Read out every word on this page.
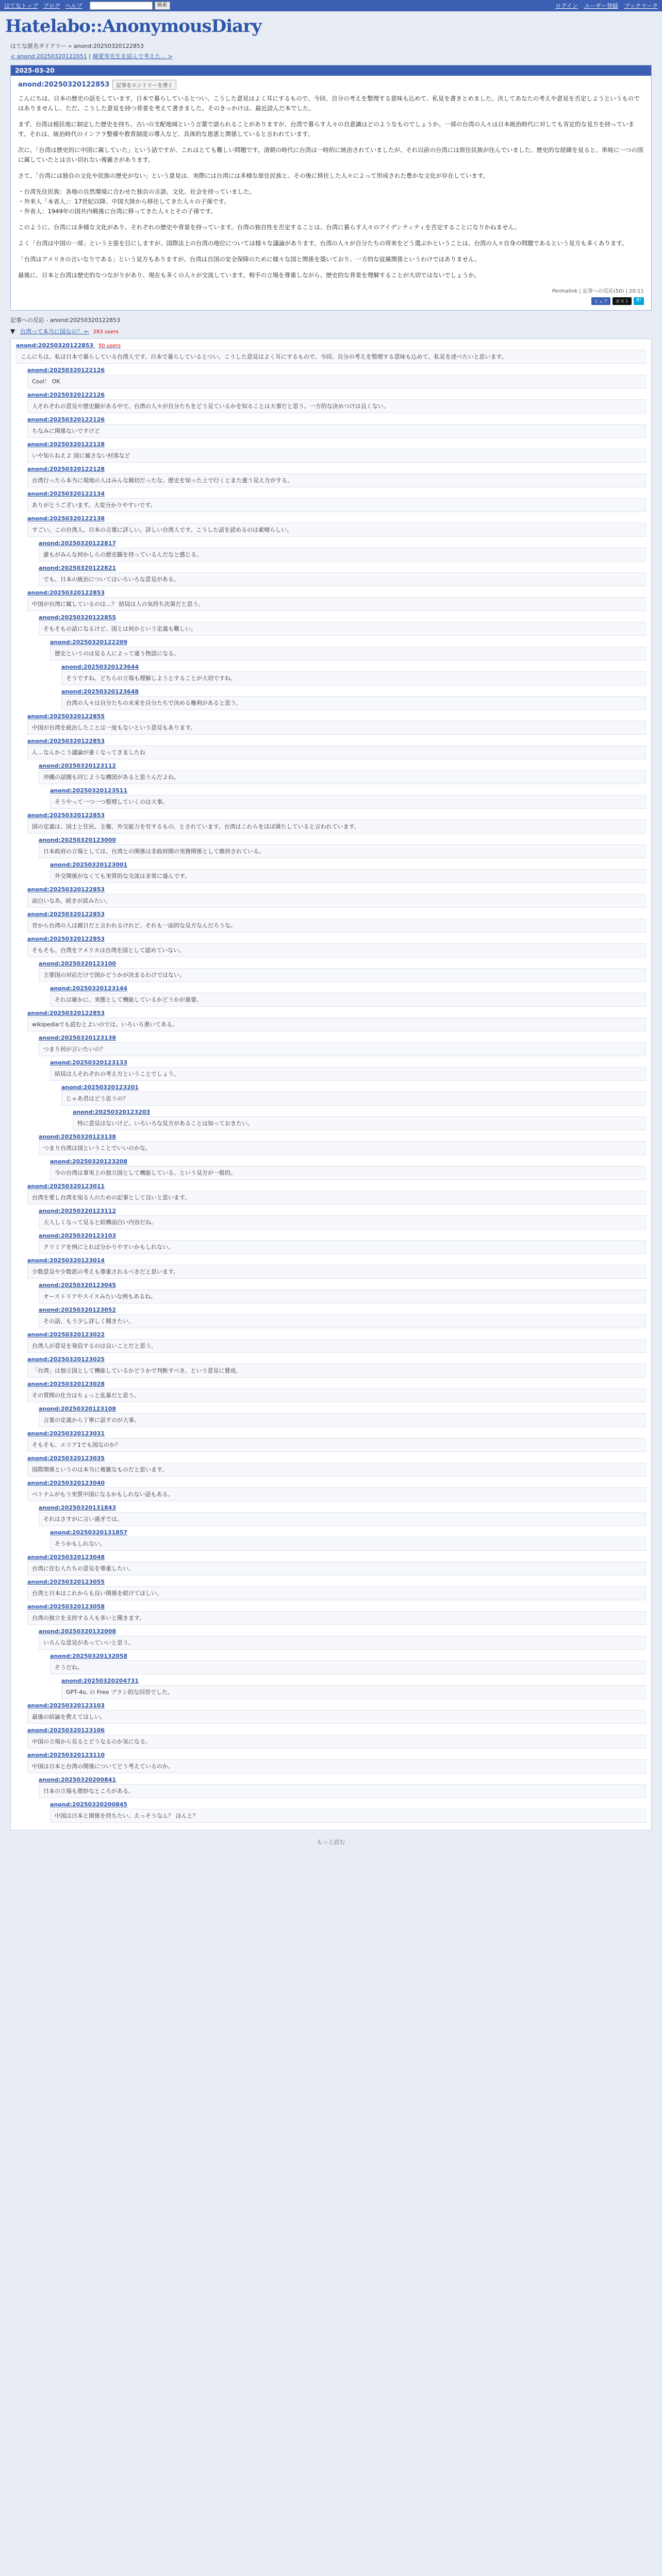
はてなトップ ブログ ヘルプ	検索	ログイン ユーザー登録 ブックマーク
Hatelabo::AnonymousDiary
はてな匿名ダイアリー » anond:20250320122853
< anond:20250320122051 | 韓愛寿先生を読んで考えた... >
2025-03-20
anond:20250320122853	記事をエントリーを書く

こんにちは。日本の歴史の話をしています。日本で暮らしているとつい、こうした意見はよく耳にするもので、今回、自分の考えを整理する意味も込めて、私見を書きとめました。決してあなたの考えや意見を否定しようというものではありませんし、ただ、こうした意見を持つ背景を考えて書きました。そのきっかけは、最近読んだ本でした。

まず、台湾は植民地に制定した歴史を持ち、古いの支配地域という言葉で語られることがありますが、台湾で暮らす人々の自意識はどのようなものでしょうか。一部の台湾の人々は日本統治時代に対しても肯定的な見方を持っています。それは、統治時代のインフラ整備や教育制度の導入など、具体的な恩恵と関係していると言われています。

次に、「台湾は歴史的に中国に属していた」という話ですが、これはとても難しい問題です。清朝の時代に台湾は一時的に統治されていましたが、それ以前の台湾には原住民族が住んでいました。歴史的な経緯を見ると、単純に一つの国に属していたとは言い切れない複雑さがあります。

さて、「台湾には独自の文化や民族の歴史がない」という意見は、実際には台湾には多様な原住民族と、その後に移住した人々によって形成された豊かな文化が存在しています。

・台湾先住民族：各地の自然環境に合わせた独自の言語、文化、社会を持っていました。
・外来人「本省人」：17世紀以降、中国大陸から移住してきた人々の子孫です。
・外省人：1949年の国共内戦後に台湾に移ってきた人々とその子孫です。

このように、台湾には多様な文化があり、それぞれの歴史や背景を持っています。台湾の独自性を否定することは、台湾に暮らす人々のアイデンティティを否定することになりかねません。

よく「台湾は中国の一部」という主張を目にしますが、国際法上の台湾の地位については様々な議論があります。台湾の人々が自分たちの将来をどう選ぶかということは、台湾の人々自身の問題であるという見方も多くあります。

「台湾はアメリカの言いなりである」という見方もありますが、台湾は自国の安全保障のために様々な国と関係を築いており、一方的な従属関係というわけではありません。

最後に、日本と台湾は歴史的なつながりがあり、現在も多くの人々が交流しています。相手の立場を尊重しながら、歴史的な背景を理解することが大切ではないでしょうか。

Permalink | 記事への反応(50) | 20:11
シェア	ポスト	B!
記事への反応 - anond:20250320122853
▼ 台湾って本当に国なの？ ← 283 users
anond:20250320122853 50 users
こんにちは。私は日本で暮らしている台湾人です。日本で暮らしているとつい、こうした意見はよく耳にするもので、今回、自分の考えを整理する意味も込めて、私見を述べたいと思います。
anond:20250320122126
Cool！ OK
anond:20250320122126
人それぞれの意見や歴史観がある中で、台湾の人々が自分たちをどう見ているかを知ることは大事だと思う。一方的な決めつけは良くない。
anond:20250320122126
ちなみに関係ないですけど
anond:20250320122128
いや知らねえよ 国に属さない村落など
anond:20250320122128
台湾行ったら本当に現地の人はみんな親切だったな。歴史を知った上で行くとまた違う見え方がする。
anond:20250320122134
ありがとうございます。大変分かりやすいです。
anond:20250320122138
すごい。この台湾人、日本の言葉に詳しい。詳しい台湾人です。こうした話を読めるのは素晴らしい。
anond:20250320122817
誰もがみんな何かしらの歴史観を持っているんだなと感じる。
anond:20250320122821
でも、日本の統治についてはいろいろな意見がある。
anond:20250320122853
中国が台湾に属しているのは…？ 結局は人の気持ち次第だと思う。
anond:20250320122855
そもそもの話になるけど、国とは何かという定義も難しい。
anond:20250320122209
歴史というのは見る人によって違う物語になる。
anond:20250320123644
そうですね。どちらの立場も理解しようとすることが大切ですね。
anond:20250320123648
台湾の人々は自分たちの未来を自分たちで決める権利があると思う。
anond:20250320122855
中国が台湾を統治したことは一度もないという意見もあります。
anond:20250320122853
ん…なんかこう議論が重くなってきましたね
anond:20250320123112
沖縄の話題も同じような構図があると思うんだよね。
anond:20250320123511
そうやって一つ一つ整理していくのは大事。
anond:20250320122853
国の定義は、国土と住民、主権、外交能力を有するもの、とされています。台湾はこれらをほぼ満たしていると言われています。
anond:20250320123000
日本政府の立場としては、台湾との関係は非政府間の実務関係として維持されている。
anond:20250320123001
外交関係がなくても実質的な交流は非常に盛んです。
anond:20250320122853
面白いなあ。続きが読みたい。
anond:20250320122853
昔から台湾の人は親日だと言われるけれど、それも一面的な見方なんだろうな。
anond:20250320122853
そもそも、台湾をアメリカは台湾を国として認めていない。
anond:20250320123100
主要国の対応だけで国かどうかが決まるわけではない。
anond:20250320123144
それは確かに、実態として機能しているかどうかが重要。
anond:20250320122853
wikipediaでも読むとよいのでは。いろいろ書いてある。
anond:20250320123138
つまり何が言いたいの？
anond:20250320123133
結局は人それぞれの考え方ということでしょう。
anond:20250320123201
じゃあ君はどう思うの？
anond:20250320123203
特に意見はないけど、いろいろな見方があることは知っておきたい。
anond:20250320123138
つまり台湾は国ということでいいのかな。
anond:20250320123208
今の台湾は事実上の独立国として機能している、という見方が一般的。
anond:20250320123011
台湾を愛し台湾を知る人のための記事として良いと思います。
anond:20250320123112
大人しくなって見ると結構面白い内容だね。
anond:20250320123103
クリミアを例にとれば分かりやすいかもしれない。
anond:20250320123014
少数意見や少数派の考えも尊重されるべきだと思います。
anond:20250320123045
オーストリアやスイスみたいな例もあるね。
anond:20250320123052
その話、もう少し詳しく聞きたい。
anond:20250320123022
台湾人が意見を発信するのは良いことだと思う。
anond:20250320123025
「台湾」は独立国として機能しているかどうかで判断すべき、という意見に賛成。
anond:20250320123028
その質問の仕方はちょっと乱暴だと思う。
anond:20250320123108
言葉の定義から丁寧に話すのが大事。
anond:20250320123031
そもそも、エリア1でも国なのか？
anond:20250320123035
国際関係というのは本当に複雑なものだと思います。
anond:20250320123040
ベトナムがもう実質中国になるかもしれない話もある。
anond:20250320131843
それはさすがに言い過ぎでは。
anond:20250320131857
そうかもしれない。
anond:20250320123048
台湾に住む人たちの意見を尊重したい。
anond:20250320123055
台湾と日本はこれからも良い関係を続けてほしい。
anond:20250320123058
台湾の独立を支持する人も多いと聞きます。
anond:20250320132008
いろんな意見があっていいと思う。
anond:20250320132058
そうだね。
anond:20250320204731
GPT-4o, の Free プラン的な回答でした。
anond:20250320123103
最後の結論を教えてほしい。
anond:20250320123106
中国の立場から見るとどうなるのか気になる。
anond:20250320123110
中国は日本と台湾の関係についてどう考えているのか。
anond:20250320200841
日本の立場も微妙なところがある。
anond:20250320200845
中国は日本と関係を持ちたい。えっそうなん？ ほんと？
もっと読む
